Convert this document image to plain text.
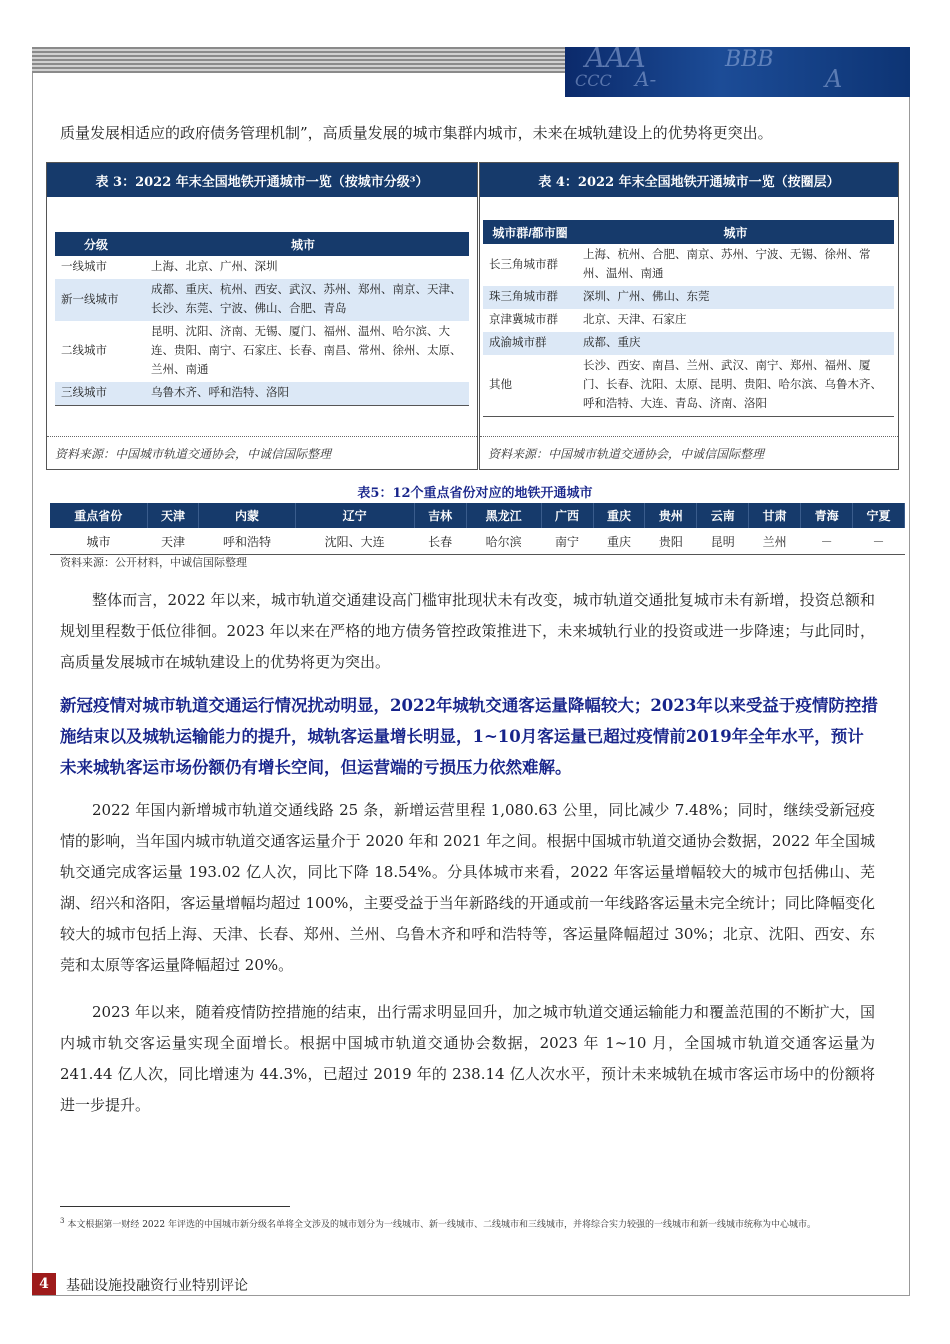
AAA	BBB
CCC A-	A

质量发展相适应的政府债务管理机制”，高质量发展的城市集群内城市，未来在城轨建设上的优势将更突出。

表 3：2022 年末全国地铁开通城市一览（按城市分级³）
分级	城市
一线城市	上海、北京、广州、深圳
新一线城市	成都、重庆、杭州、西安、武汉、苏州、郑州、南京、天津、长沙、东莞、宁波、佛山、合肥、青岛
二线城市	昆明、沈阳、济南、无锡、厦门、福州、温州、哈尔滨、大连、贵阳、南宁、石家庄、长春、南昌、常州、徐州、太原、兰州、南通
三线城市	乌鲁木齐、呼和浩特、洛阳
资料来源：中国城市轨道交通协会，中诚信国际整理
表 4：2022 年末全国地铁开通城市一览（按圈层）
城市群/都市圈	城市
长三角城市群	上海、杭州、合肥、南京、苏州、宁波、无锡、徐州、常州、温州、南通
珠三角城市群	深圳、广州、佛山、东莞
京津冀城市群	北京、天津、石家庄
成渝城市群	成都、重庆
其他	长沙、西安、南昌、兰州、武汉、南宁、郑州、福州、厦门、长春、沈阳、太原、昆明、贵阳、哈尔滨、乌鲁木齐、呼和浩特、大连、青岛、济南、洛阳
资料来源：中国城市轨道交通协会，中诚信国际整理
表5：12个重点省份对应的地铁开通城市
重点省份	天津	内蒙	辽宁	吉林	黑龙江	广西	重庆	贵州	云南	甘肃	青海	宁夏
城市	天津	呼和浩特	沈阳、大连	长春	哈尔滨	南宁	重庆	贵阳	昆明	兰州	－	－
资料来源：公开材料，中诚信国际整理

整体而言，2022 年以来，城市轨道交通建设高门槛审批现状未有改变，城市轨道交通批复城市未有新增，投资总额和规划里程数于低位徘徊。2023 年以来在严格的地方债务管控政策推进下，未来城轨行业的投资或进一步降速；与此同时，高质量发展城市在城轨建设上的优势将更为突出。

新冠疫情对城市轨道交通运行情况扰动明显，2022年城轨交通客运量降幅较大；2023年以来受益于疫情防控措施结束以及城轨运输能力的提升，城轨客运量增长明显，1~10月客运量已超过疫情前2019年全年水平，预计未来城轨客运市场份额仍有增长空间，但运营端的亏损压力依然难解。

2022 年国内新增城市轨道交通线路 25 条，新增运营里程 1,080.63 公里，同比减少 7.48%；同时，继续受新冠疫情的影响，当年国内城市轨道交通客运量介于 2020 年和 2021 年之间。根据中国城市轨道交通协会数据，2022 年全国城轨交通完成客运量 193.02 亿人次，同比下降 18.54%。分具体城市来看，2022 年客运量增幅较大的城市包括佛山、芜湖、绍兴和洛阳，客运量增幅均超过 100%，主要受益于当年新路线的开通或前一年线路客运量未完全统计；同比降幅变化较大的城市包括上海、天津、长春、郑州、兰州、乌鲁木齐和呼和浩特等，客运量降幅超过 30%；北京、沈阳、西安、东莞和太原等客运量降幅超过 20%。

2023 年以来，随着疫情防控措施的结束，出行需求明显回升，加之城市轨道交通运输能力和覆盖范围的不断扩大，国内城市轨交客运量实现全面增长。根据中国城市轨道交通协会数据，2023 年 1~10 月，全国城市轨道交通客运量为 241.44 亿人次，同比增速为 44.3%，已超过 2019 年的 238.14 亿人次水平，预计未来城轨在城市客运市场中的份额将进一步提升。

$^3$ 本文根据第一财经 2022 年评选的中国城市新分级名单将全文涉及的城市划分为一线城市、新一线城市、二线城市和三线城市，并将综合实力较强的一线城市和新一线城市统称为中心城市。
4	基础设施投融资行业特别评论
